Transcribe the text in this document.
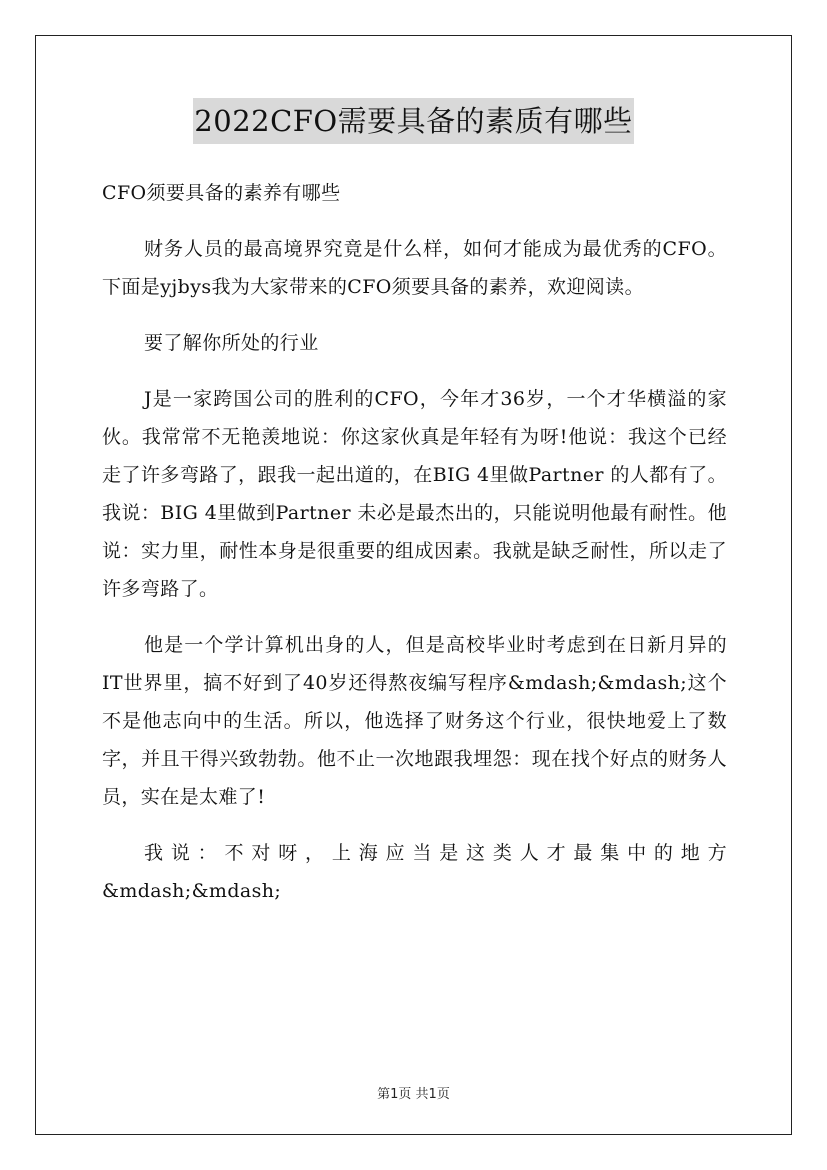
2022CFO需要具备的素质有哪些

CFO须要具备的素养有哪些

财务人员的最高境界究竟是什么样，如何才能成为最优秀的CFO。下面是yjbys我为大家带来的CFO须要具备的素养，欢迎阅读。

要了解你所处的行业

J是一家跨国公司的胜利的CFO，今年才36岁，一个才华横溢的家伙。我常常不无艳羡地说：你这家伙真是年轻有为呀!他说：我这个已经走了许多弯路了，跟我一起出道的，在BIG 4里做Partner 的人都有了。我说：BIG 4里做到Partner 未必是最杰出的，只能说明他最有耐性。他说：实力里，耐性本身是很重要的组成因素。我就是缺乏耐性，所以走了许多弯路了。

他是一个学计算机出身的人，但是高校毕业时考虑到在日新月异的IT世界里，搞不好到了40岁还得熬夜编写程序&mdash;&mdash;这个不是他志向中的生活。所以，他选择了财务这个行业，很快地爱上了数字，并且干得兴致勃勃。他不止一次地跟我埋怨：现在找个好点的财务人员，实在是太难了!

我说：不对呀，上海应当是这类人才最集中的地方&mdash;&mdash;

第1页 共1页
